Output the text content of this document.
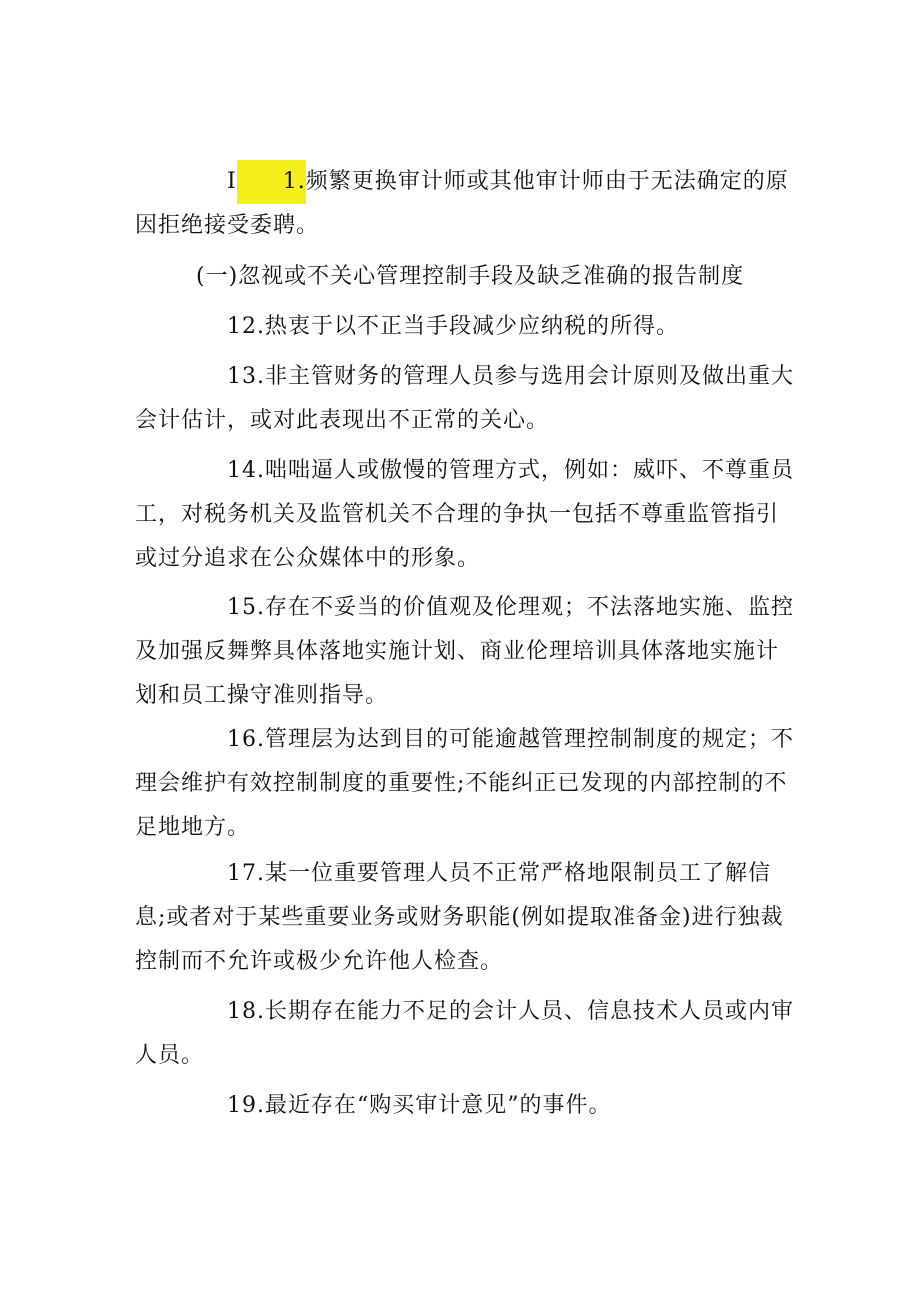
I 1.频繁更换审计师或其他审计师由于无法确定的原因拒绝接受委聘。

(一)忽视或不关心管理控制手段及缺乏准确的报告制度

12.热衷于以不正当手段减少应纳税的所得。

13.非主管财务的管理人员参与选用会计原则及做出重大会计估计，或对此表现出不正常的关心。

14.咄咄逼人或傲慢的管理方式，例如：威吓、不尊重员工，对税务机关及监管机关不合理的争执一包括不尊重监管指引或过分追求在公众媒体中的形象。

15.存在不妥当的价值观及伦理观；不法落地实施、监控及加强反舞弊具体落地实施计划、商业伦理培训具体落地实施计划和员工操守准则指导。

16.管理层为达到目的可能逾越管理控制制度的规定；不理会维护有效控制制度的重要性;不能纠正已发现的内部控制的不足地地方。

17.某一位重要管理人员不正常严格地限制员工了解信息;或者对于某些重要业务或财务职能(例如提取准备金)进行独裁控制而不允许或极少允许他人检查。

18.长期存在能力不足的会计人员、信息技术人员或内审人员。

19.最近存在“购买审计意见”的事件。
